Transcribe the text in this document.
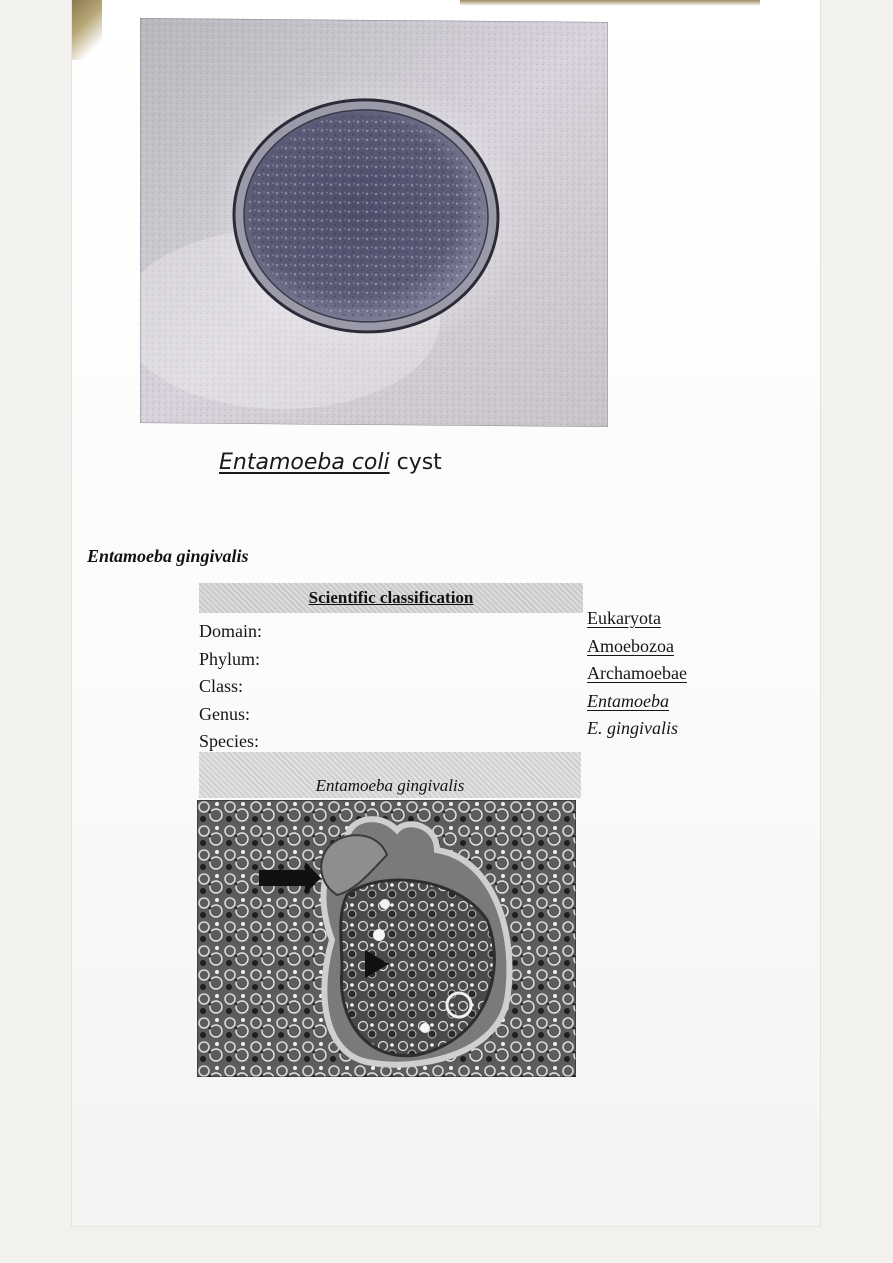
Entamoeba coli cyst
Entamoeba gingivalis
Scientific classification
Domain:
Phylum:
Class:
Genus:
Species:
Eukaryota
Amoebozoa
Archamoebae
Entamoeba
E. gingivalis
Entamoeba gingivalis
